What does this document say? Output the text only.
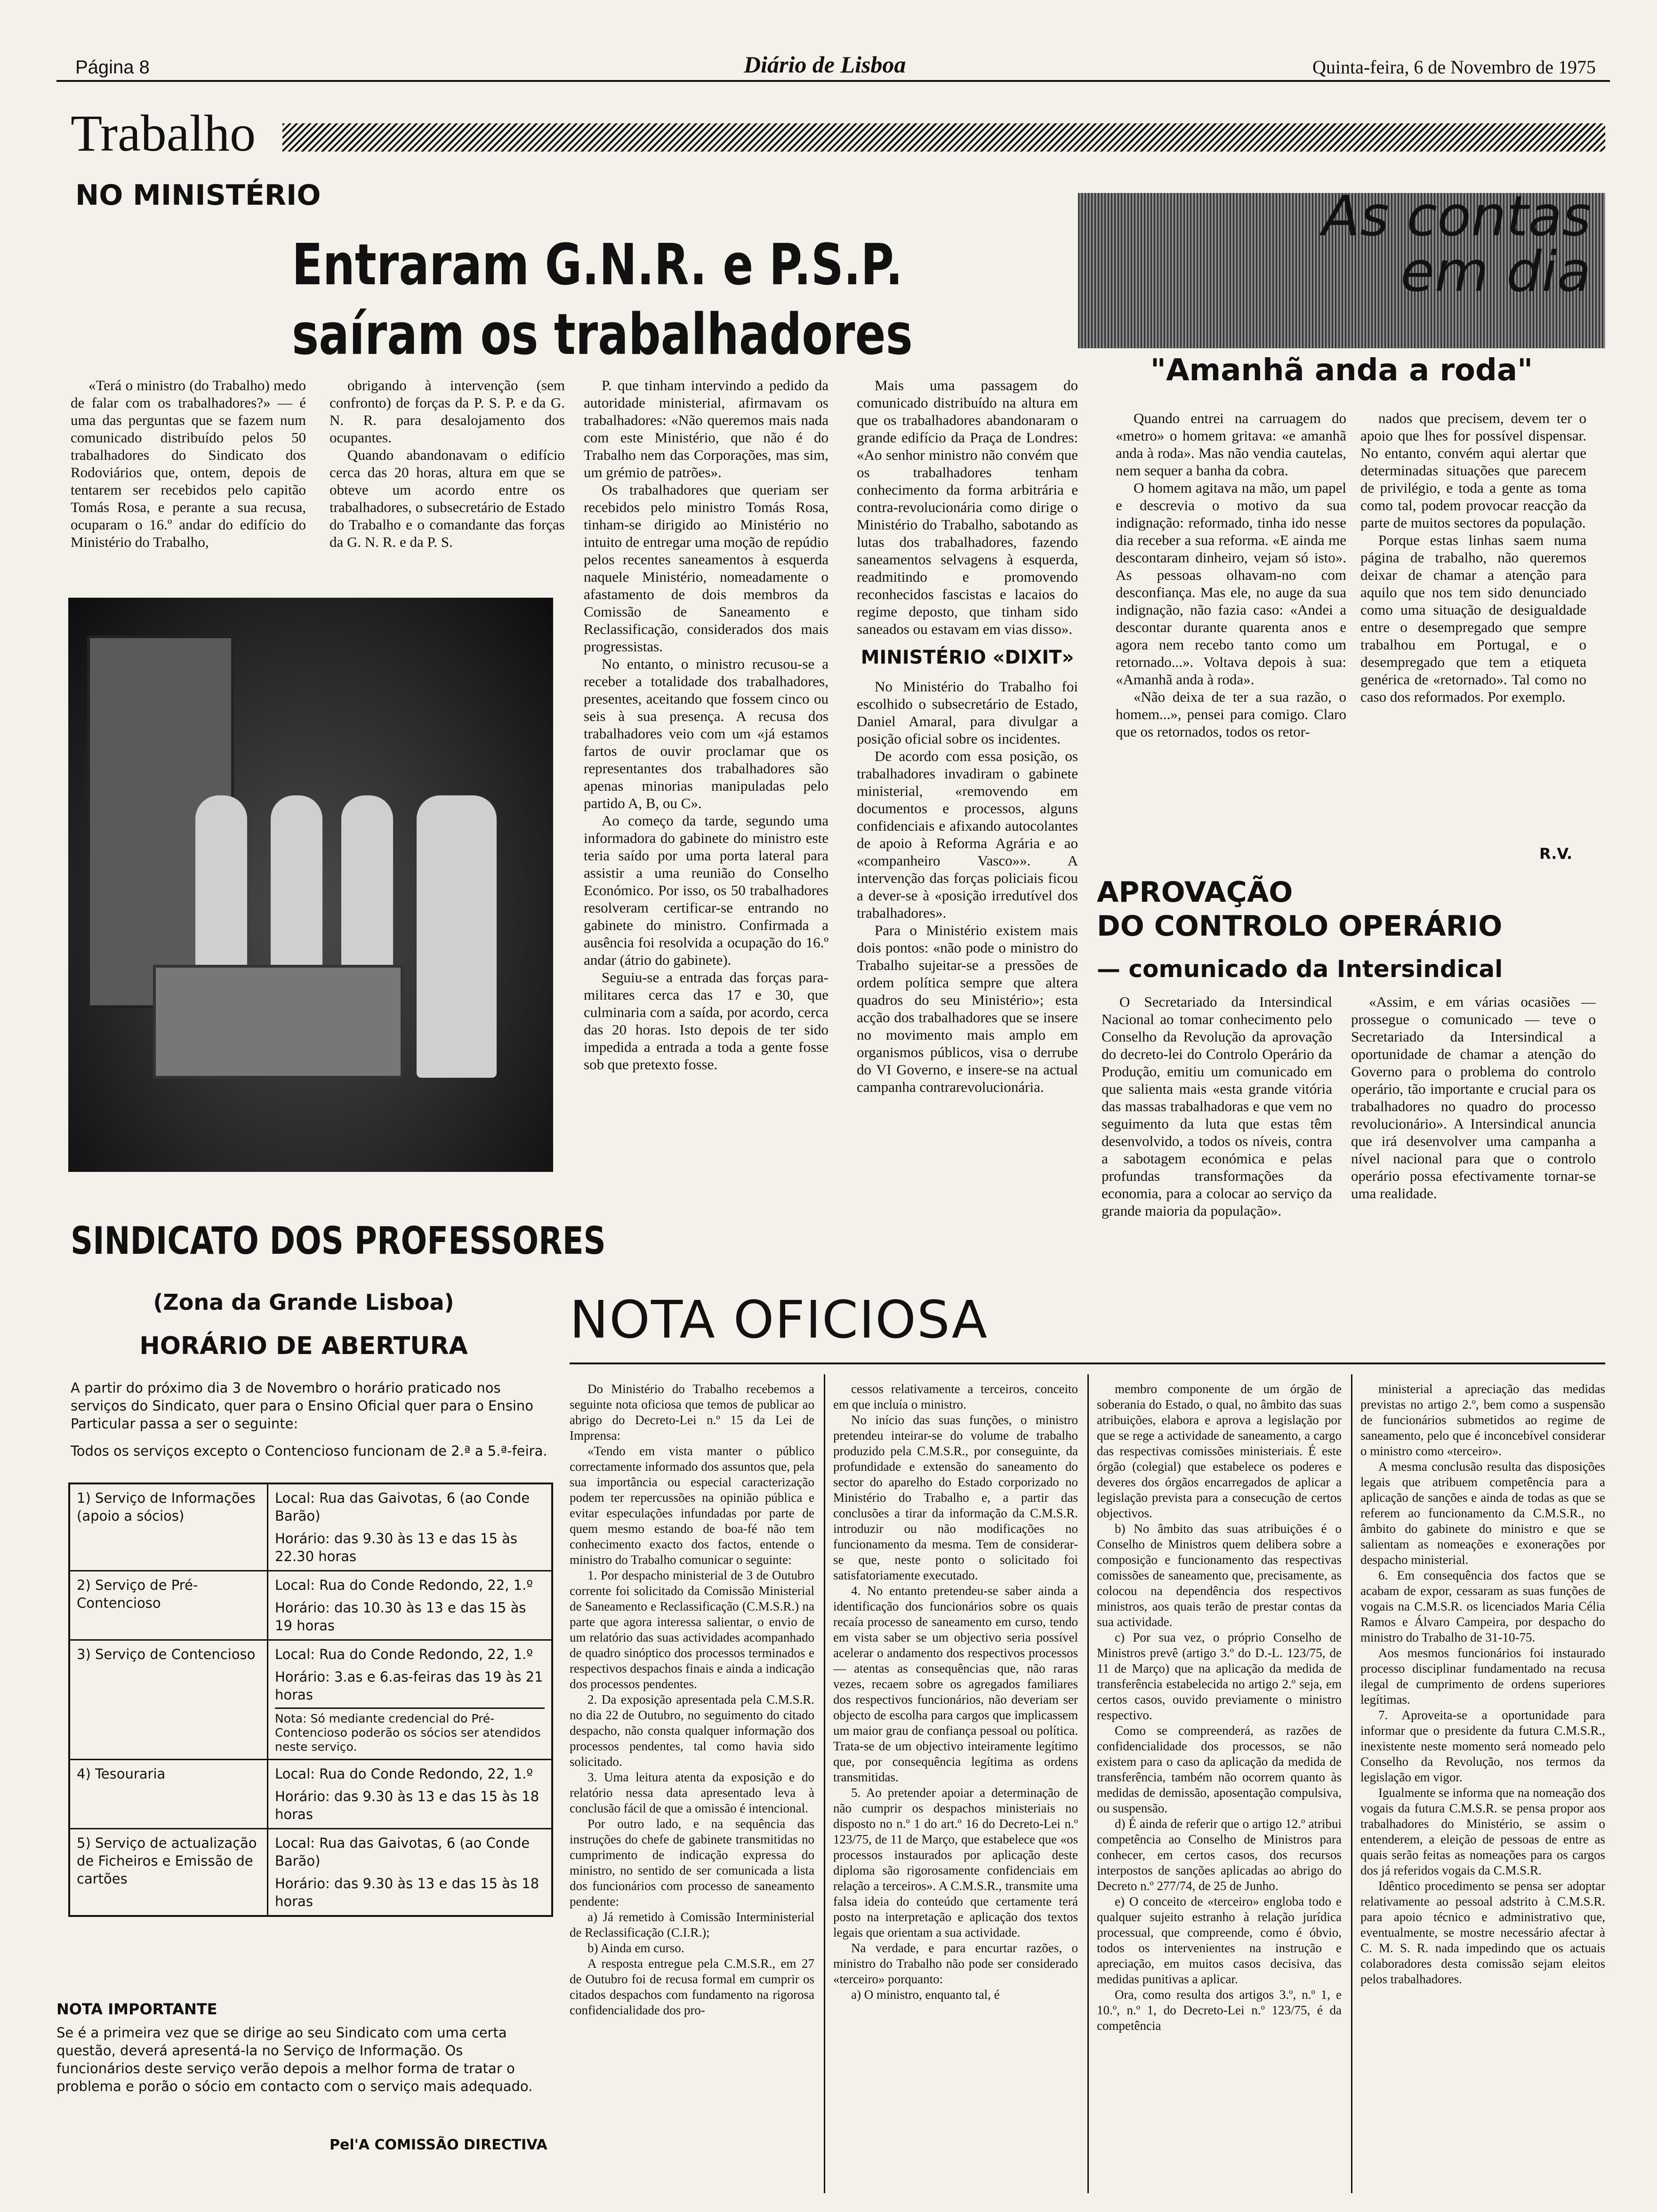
Página 8	Diário de Lisboa	Quinta-feira, 6 de Novembro de 1975
Trabalho
NO MINISTÉRIO
Entraram G.N.R. e P.S.P.
saíram os trabalhadores

«Terá o ministro (do Trabalho) medo de falar com os trabalhadores?» — é uma das perguntas que se fazem num comunicado distribuído pelos 50 trabalhadores do Sindicato dos Rodoviários que, ontem, depois de tentarem ser recebidos pelo capitão Tomás Rosa, e perante a sua recusa, ocuparam o 16.º andar do edifício do Ministério do Trabalho,

obrigando à intervenção (sem confronto) de forças da P. S. P. e da G. N. R. para desalojamento dos ocupantes.

Quando abandonavam o edifício cerca das 20 horas, altura em que se obteve um acordo entre os trabalhadores, o subsecretário de Estado do Trabalho e o comandante das forças da G. N. R. e da P. S.

P. que tinham intervindo a pedido da autoridade ministerial, afirmavam os trabalhadores: «Não queremos mais nada com este Ministério, que não é do Trabalho nem das Corporações, mas sim, um grémio de patrões».

Os trabalhadores que queriam ser recebidos pelo ministro Tomás Rosa, tinham-se dirigido ao Ministério no intuito de entregar uma moção de repúdio pelos recentes saneamentos à esquerda naquele Ministério, nomeadamente o afastamento de dois membros da Comissão de Saneamento e Reclassificação, considerados dos mais progressistas.

No entanto, o ministro recusou-se a receber a totalidade dos trabalhadores, presentes, aceitando que fossem cinco ou seis à sua presença. A recusa dos trabalhadores veio com um «já estamos fartos de ouvir proclamar que os representantes dos trabalhadores são apenas minorias manipuladas pelo partido A, B, ou C».

Ao começo da tarde, segundo uma informadora do gabinete do ministro este teria saído por uma porta lateral para assistir a uma reunião do Conselho Económico. Por isso, os 50 trabalhadores resolveram certificar-se entrando no gabinete do ministro. Confirmada a ausência foi resolvida a ocupação do 16.º andar (átrio do gabinete).

Seguiu-se a entrada das forças para-militares cerca das 17 e 30, que culminaria com a saída, por acordo, cerca das 20 horas. Isto depois de ter sido impedida a entrada a toda a gente fosse sob que pretexto fosse.

Mais uma passagem do comunicado distribuído na altura em que os trabalhadores abandonaram o grande edifício da Praça de Londres: «Ao senhor ministro não convém que os trabalhadores tenham conhecimento da forma arbitrária e contra-revolucionária como dirige o Ministério do Trabalho, sabotando as lutas dos trabalhadores, fazendo saneamentos selvagens à esquerda, readmitindo e promovendo reconhecidos fascistas e lacaios do regime deposto, que tinham sido saneados ou estavam em vias disso».

MINISTÉRIO «DIXIT»

No Ministério do Trabalho foi escolhido o subsecretário de Estado, Daniel Amaral, para divulgar a posição oficial sobre os incidentes.

De acordo com essa posição, os trabalhadores invadiram o gabinete ministerial, «removendo em documentos e processos, alguns confidenciais e afixando autocolantes de apoio à Reforma Agrária e ao «companheiro Vasco»». A intervenção das forças policiais ficou a dever-se à «posição irredutível dos trabalhadores».

Para o Ministério existem mais dois pontos: «não pode o ministro do Trabalho sujeitar-se a pressões de ordem política sempre que altera quadros do seu Ministério»; esta acção dos trabalhadores que se insere no movimento mais amplo em organismos públicos, visa o derrube do VI Governo, e insere-se na actual campanha contrarevolucionária.

As contas em dia
"Amanhã anda a roda"

Quando entrei na carruagem do «metro» o homem gritava: «e amanhã anda à roda». Mas não vendia cautelas, nem sequer a banha da cobra.

O homem agitava na mão, um papel e descrevia o motivo da sua indignação: reformado, tinha ido nesse dia receber a sua reforma. «E ainda me descontaram dinheiro, vejam só isto». As pessoas olhavam-no com desconfiança. Mas ele, no auge da sua indignação, não fazia caso: «Andei a descontar durante quarenta anos e agora nem recebo tanto como um retornado...». Voltava depois à sua: «Amanhã anda à roda».

«Não deixa de ter a sua razão, o homem...», pensei para comigo. Claro que os retornados, todos os retor-

nados que precisem, devem ter o apoio que lhes for possível dispensar. No entanto, convém aqui alertar que determinadas situações que parecem de privilégio, e toda a gente as toma como tal, podem provocar reacção da parte de muitos sectores da população.

Porque estas linhas saem numa página de trabalho, não queremos deixar de chamar a atenção para aquilo que nos tem sido denunciado como uma situação de desigualdade entre o desempregado que sempre trabalhou em Portugal, e o desempregado que tem a etiqueta genérica de «retornado». Tal como no caso dos reformados. Por exemplo.

R.V.
APROVAÇÃO
DO CONTROLO OPERÁRIO
— comunicado da Intersindical

O Secretariado da Intersindical Nacional ao tomar conhecimento pelo Conselho da Revolução da aprovação do decreto-lei do Controlo Operário da Produção, emitiu um comunicado em que salienta mais «esta grande vitória das massas trabalhadoras e que vem no seguimento da luta que estas têm desenvolvido, a todos os níveis, contra a sabotagem económica e pelas profundas transformações da economia, para a colocar ao serviço da grande maioria da população».

«Assim, e em várias ocasiões — prossegue o comunicado — teve o Secretariado da Intersindical a oportunidade de chamar a atenção do Governo para o problema do controlo operário, tão importante e crucial para os trabalhadores no quadro do processo revolucionário». A Intersindical anuncia que irá desenvolver uma campanha a nível nacional para que o controlo operário possa efectivamente tornar-se uma realidade.

SINDICATO DOS PROFESSORES
(Zona da Grande Lisboa)
HORÁRIO DE ABERTURA
A partir do próximo dia 3 de Novembro o horário praticado nos serviços do Sindicato, quer para o Ensino Oficial quer para o Ensino Particular passa a ser o seguinte:
Todos os serviços excepto o Contencioso funcionam de 2.ª a 5.ª-feira.
1) Serviço de Informações (apoio a sócios)	Local: Rua das Gaivotas, 6 (ao Conde Barão)
Horário: das 9.30 às 13 e das 15 às 22.30 horas

2) Serviço de Pré-Contencioso	Local: Rua do Conde Redondo, 22, 1.º
Horário: das 10.30 às 13 e das 15 às 19 horas

3) Serviço de Contencioso	Local: Rua do Conde Redondo, 22, 1.º
Horário: 3.as e 6.as-feiras das 19 às 21 horas
Nota: Só mediante credencial do Pré-Contencioso poderão os sócios ser atendidos neste serviço.

4) Tesouraria	Local: Rua do Conde Redondo, 22, 1.º
Horário: das 9.30 às 13 e das 15 às 18 horas

5) Serviço de actualização de Ficheiros e Emissão de cartões	Local: Rua das Gaivotas, 6 (ao Conde Barão)
Horário: das 9.30 às 13 e das 15 às 18 horas
NOTA IMPORTANTE
Se é a primeira vez que se dirige ao seu Sindicato com uma certa questão, deverá apresentá-la no Serviço de Informação. Os funcionários deste serviço verão depois a melhor forma de tratar o problema e porão o sócio em contacto com o serviço mais adequado.
Pel'A COMISSÃO DIRECTIVA
NOTA OFICIOSA

Do Ministério do Trabalho recebemos a seguinte nota oficiosa que temos de publicar ao abrigo do Decreto-Lei n.º 15 da Lei de Imprensa:

«Tendo em vista manter o público correctamente informado dos assuntos que, pela sua importância ou especial caracterização podem ter repercussões na opinião pública e evitar especulações infundadas por parte de quem mesmo estando de boa-fé não tem conhecimento exacto dos factos, entende o ministro do Trabalho comunicar o seguinte:

1. Por despacho ministerial de 3 de Outubro corrente foi solicitado da Comissão Ministerial de Saneamento e Reclassificação (C.M.S.R.) na parte que agora interessa salientar, o envio de um relatório das suas actividades acompanhado de quadro sinóptico dos processos terminados e respectivos despachos finais e ainda a indicação dos processos pendentes.

2. Da exposição apresentada pela C.M.S.R. no dia 22 de Outubro, no seguimento do citado despacho, não consta qualquer informação dos processos pendentes, tal como havia sido solicitado.

3. Uma leitura atenta da exposição e do relatório nessa data apresentado leva à conclusão fácil de que a omissão é intencional.

Por outro lado, e na sequência das instruções do chefe de gabinete transmitidas no cumprimento de indicação expressa do ministro, no sentido de ser comunicada a lista dos funcionários com processo de saneamento pendente:

a) Já remetido à Comissão Interministerial de Reclassificação (C.I.R.);

b) Ainda em curso.

A resposta entregue pela C.M.S.R., em 27 de Outubro foi de recusa formal em cumprir os citados despachos com fundamento na rigorosa confidencialidade dos pro-

cessos relativamente a terceiros, conceito em que incluía o ministro.

No início das suas funções, o ministro pretendeu inteirar-se do volume de trabalho produzido pela C.M.S.R., por conseguinte, da profundidade e extensão do saneamento do sector do aparelho do Estado corporizado no Ministério do Trabalho e, a partir das conclusões a tirar da informação da C.M.S.R. introduzir ou não modificações no funcionamento da mesma. Tem de considerar-se que, neste ponto o solicitado foi satisfatoriamente executado.

4. No entanto pretendeu-se saber ainda a identificação dos funcionários sobre os quais recaía processo de saneamento em curso, tendo em vista saber se um objectivo seria possível acelerar o andamento dos respectivos processos — atentas as consequências que, não raras vezes, recaem sobre os agregados familiares dos respectivos funcionários, não deveriam ser objecto de escolha para cargos que implicassem um maior grau de confiança pessoal ou política. Trata-se de um objectivo inteiramente legítimo que, por consequência legítima as ordens transmitidas.

5. Ao pretender apoiar a determinação de não cumprir os despachos ministeriais no disposto no n.º 1 do art.º 16 do Decreto-Lei n.º 123/75, de 11 de Março, que estabelece que «os processos instaurados por aplicação deste diploma são rigorosamente confidenciais em relação a terceiros». A C.M.S.R., transmite uma falsa ideia do conteúdo que certamente terá posto na interpretação e aplicação dos textos legais que orientam a sua actividade.

Na verdade, e para encurtar razões, o ministro do Trabalho não pode ser considerado «terceiro» porquanto:

a) O ministro, enquanto tal, é

membro componente de um órgão de soberania do Estado, o qual, no âmbito das suas atribuições, elabora e aprova a legislação por que se rege a actividade de saneamento, a cargo das respectivas comissões ministeriais. É este órgão (colegial) que estabelece os poderes e deveres dos órgãos encarregados de aplicar a legislação prevista para a consecução de certos objectivos.

b) No âmbito das suas atribuições é o Conselho de Ministros quem delibera sobre a composição e funcionamento das respectivas comissões de saneamento que, precisamente, as colocou na dependência dos respectivos ministros, aos quais terão de prestar contas da sua actividade.

c) Por sua vez, o próprio Conselho de Ministros prevê (artigo 3.º do D.-L. 123/75, de 11 de Março) que na aplicação da medida de transferência estabelecida no artigo 2.º seja, em certos casos, ouvido previamente o ministro respectivo.

Como se compreenderá, as razões de confidencialidade dos processos, se não existem para o caso da aplicação da medida de transferência, também não ocorrem quanto às medidas de demissão, aposentação compulsiva, ou suspensão.

d) É ainda de referir que o artigo 12.º atribui competência ao Conselho de Ministros para conhecer, em certos casos, dos recursos interpostos de sanções aplicadas ao abrigo do Decreto n.º 277/74, de 25 de Junho.

e) O conceito de «terceiro» engloba todo e qualquer sujeito estranho à relação jurídica processual, que compreende, como é óbvio, todos os intervenientes na instrução e apreciação, em muitos casos decisiva, das medidas punitivas a aplicar.

Ora, como resulta dos artigos 3.º, n.º 1, e 10.º, n.º 1, do Decreto-Lei n.º 123/75, é da competência

ministerial a apreciação das medidas previstas no artigo 2.º, bem como a suspensão de funcionários submetidos ao regime de saneamento, pelo que é inconcebível considerar o ministro como «terceiro».

A mesma conclusão resulta das disposições legais que atribuem competência para a aplicação de sanções e ainda de todas as que se referem ao funcionamento da C.M.S.R., no âmbito do gabinete do ministro e que se salientam as nomeações e exonerações por despacho ministerial.

6. Em consequência dos factos que se acabam de expor, cessaram as suas funções de vogais na C.M.S.R. os licenciados Maria Célia Ramos e Álvaro Campeira, por despacho do ministro do Trabalho de 31-10-75.

Aos mesmos funcionários foi instaurado processo disciplinar fundamentado na recusa ilegal de cumprimento de ordens superiores legítimas.

7. Aproveita-se a oportunidade para informar que o presidente da futura C.M.S.R., inexistente neste momento será nomeado pelo Conselho da Revolução, nos termos da legislação em vigor.

Igualmente se informa que na nomeação dos vogais da futura C.M.S.R. se pensa propor aos trabalhadores do Ministério, se assim o entenderem, a eleição de pessoas de entre as quais serão feitas as nomeações para os cargos dos já referidos vogais da C.M.S.R.

Idêntico procedimento se pensa ser adoptar relativamente ao pessoal adstrito à C.M.S.R. para apoio técnico e administrativo que, eventualmente, se mostre necessário afectar à C. M. S. R. nada impedindo que os actuais colaboradores desta comissão sejam eleitos pelos trabalhadores.
